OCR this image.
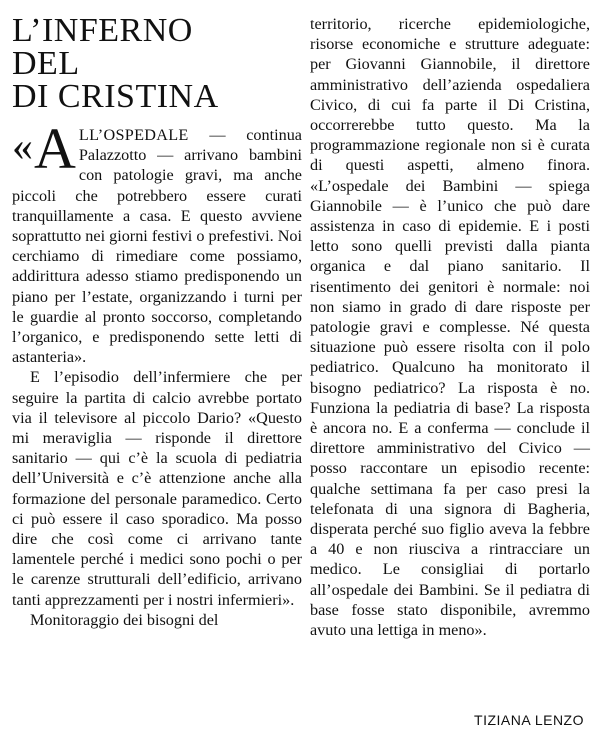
L’INFERNO
DEL
DI CRISTINA

« A LL’OSPEDALE — continua Palazzotto — arrivano bambini con patologie gravi, ma anche piccoli che potrebbero essere curati tranquillamente a casa. E questo avviene soprattutto nei giorni festivi o prefestivi. Noi cerchiamo di rimediare come possiamo, addirittura adesso stiamo predisponendo un piano per l’estate, organizzando i turni per le guardie al pronto soccorso, completando l’organico, e predisponendo sette letti di astanteria».

E l’episodio dell’infermiere che per seguire la partita di calcio avrebbe portato via il televisore al piccolo Dario? «Questo mi meraviglia — risponde il direttore sanitario — qui c’è la scuola di pediatria dell’Università e c’è attenzione anche alla formazione del personale paramedico. Certo ci può essere il caso sporadico. Ma posso dire che così come ci arrivano tante lamentele perché i medici sono pochi o per le carenze strutturali dell’edificio, arrivano tanti apprezzamenti per i nostri infermieri».

Monitoraggio dei bisogni del

territorio, ricerche epidemiologiche, risorse economiche e strutture adeguate: per Giovanni Giannobile, il direttore amministrativo dell’azienda ospedaliera Civico, di cui fa parte il Di Cristina, occorrerebbe tutto questo. Ma la programmazione regionale non si è curata di questi aspetti, almeno finora. «L’ospedale dei Bambini — spiega Giannobile — è l’unico che può dare assistenza in caso di epidemie. E i posti letto sono quelli previsti dalla pianta organica e dal piano sanitario. Il risentimento dei genitori è normale: noi non siamo in grado di dare risposte per patologie gravi e complesse. Né questa situazione può essere risolta con il polo pediatrico. Qualcuno ha monitorato il bisogno pediatrico? La risposta è no. Funziona la pediatria di base? La risposta è ancora no. E a conferma — conclude il direttore amministrativo del Civico — posso raccontare un episodio recente: qualche settimana fa per caso presi la telefonata di una signora di Bagheria, disperata perché suo figlio aveva la febbre a 40 e non riusciva a rintracciare un medico. Le consigliai di portarlo all’ospedale dei Bambini. Se il pediatra di base fosse stato disponibile, avremmo avuto una lettiga in meno».

TIZIANA LENZO
